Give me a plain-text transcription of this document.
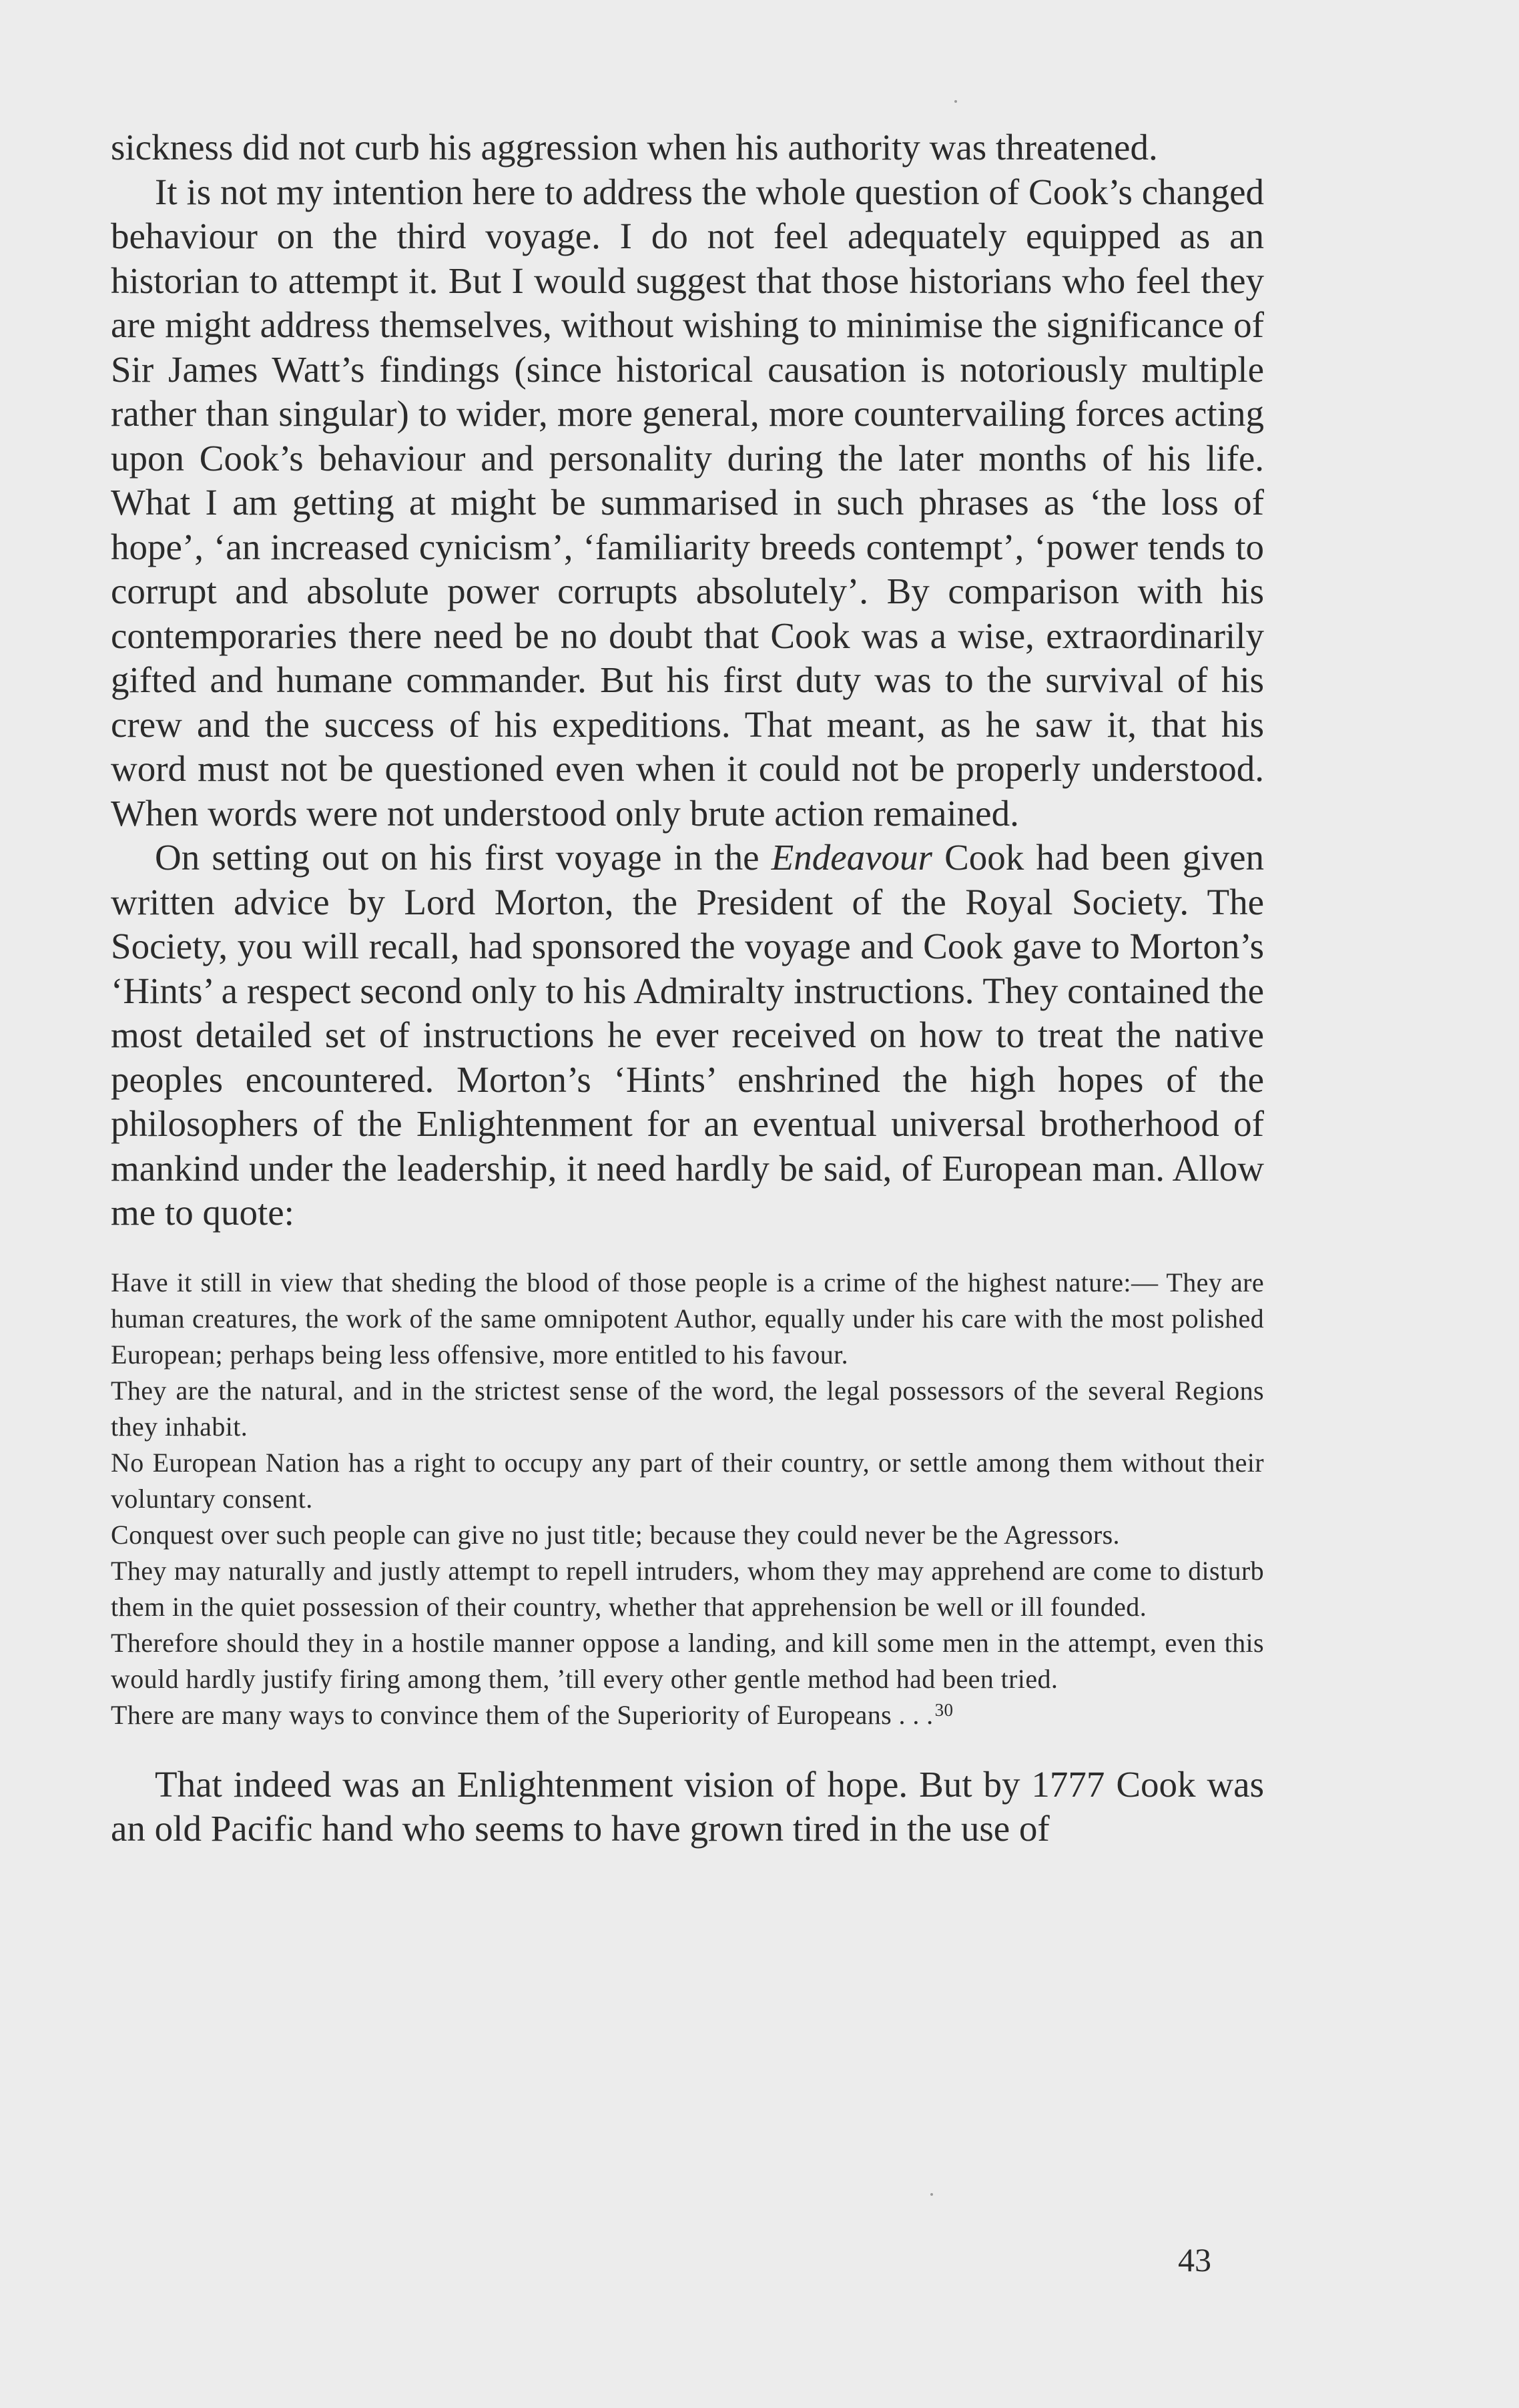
sickness did not curb his aggression when his authority was threatened.

It is not my intention here to address the whole question of Cook’s changed behaviour on the third voyage. I do not feel adequately equipped as an historian to attempt it. But I would suggest that those historians who feel they are might address themselves, without wishing to minimise the significance of Sir James Watt’s findings (since historical causation is notoriously multiple rather than singular) to wider, more general, more countervailing forces acting upon Cook’s behaviour and personality during the later months of his life. What I am getting at might be summarised in such phrases as ‘the loss of hope’, ‘an increased cynicism’, ‘familiarity breeds contempt’, ‘power tends to corrupt and absolute power corrupts absolutely’. By comparison with his contemporaries there need be no doubt that Cook was a wise, extraordinarily gifted and humane commander. But his first duty was to the survival of his crew and the success of his expeditions. That meant, as he saw it, that his word must not be questioned even when it could not be properly understood. When words were not understood only brute action remained.

On setting out on his first voyage in the Endeavour Cook had been given written advice by Lord Morton, the President of the Royal Society. The Society, you will recall, had sponsored the voyage and Cook gave to Morton’s ‘Hints’ a respect second only to his Admiralty instructions. They contained the most detailed set of instructions he ever received on how to treat the native peoples encountered. Morton’s ‘Hints’ enshrined the high hopes of the philosophers of the Enlightenment for an eventual universal brotherhood of mankind under the leadership, it need hardly be said, of European man. Allow me to quote:

Have it still in view that sheding the blood of those people is a crime of the highest nature:— They are human creatures, the work of the same omnipotent Author, equally under his care with the most polished European; perhaps being less offensive, more entitled to his favour.

They are the natural, and in the strictest sense of the word, the legal possessors of the several Regions they inhabit.

No European Nation has a right to occupy any part of their country, or settle among them without their voluntary consent.

Conquest over such people can give no just title; because they could never be the Agressors.

They may naturally and justly attempt to repell intruders, whom they may apprehend are come to disturb them in the quiet possession of their country, whether that apprehension be well or ill founded.

Therefore should they in a hostile manner oppose a landing, and kill some men in the attempt, even this would hardly justify firing among them, ’till every other gentle method had been tried.

There are many ways to convince them of the Superiority of Europeans . . .$^{30}$

That indeed was an Enlightenment vision of hope. But by 1777 Cook was an old Pacific hand who seems to have grown tired in the use of

43
